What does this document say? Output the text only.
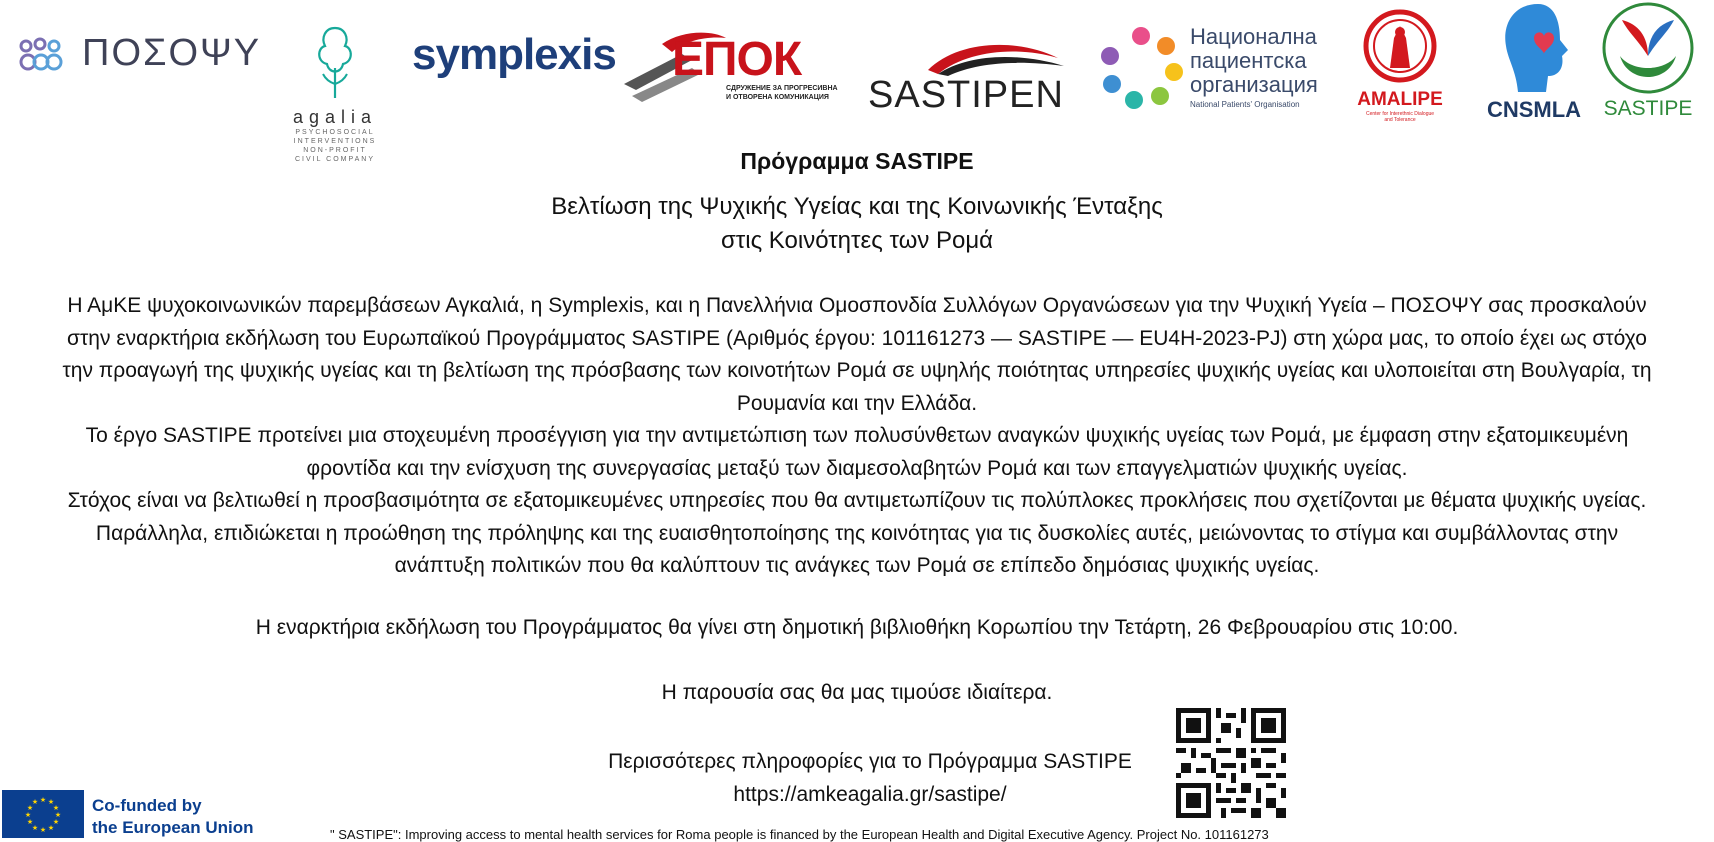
ΠΟΣΟΨΥ
agalia
PSYCHOSOCIAL
INTERVENTIONS
NON-PROFIT
CIVIL COMPANY
symplexis ЕПОК
СДРУЖЕНИЕ ЗА ПРОГРЕСИВНА
И ОТВОРЕНА КОМУНИКАЦИЯ SASTIPEN
Национална
пациентска
организация
National Patients' Organisation	AMALIPE
Center for Interethnic Dialogue
and Tolerance	CNSMLA	SASTIPE
Πρόγραμμα SASTIPE
Βελτίωση της Ψυχικής Υγείας και της Κοινωνικής Ένταξης
στις Κοινότητες των Ρομά
Η ΑμΚΕ ψυχοκοινωνικών παρεμβάσεων Αγκαλιά, η Symplexis, και η Πανελλήνια Ομοσπονδία Συλλόγων Οργανώσεων για την Ψυχική Υγεία – ΠΟΣΟΨΥ σας προσκαλούν στην εναρκτήρια εκδήλωση του Ευρωπαϊκού Προγράμματος SASTIPE (Αριθμός έργου: 101161273 — SASTIPE — EU4H-2023-PJ) στη χώρα μας, το οποίο έχει ως στόχο την προαγωγή της ψυχικής υγείας και τη βελτίωση της πρόσβασης των κοινοτήτων Ρομά σε υψηλής ποιότητας υπηρεσίες ψυχικής υγείας και υλοποιείται στη Βουλγαρία, τη Ρουμανία και την Ελλάδα.
Το έργο SASTIPE προτείνει μια στοχευμένη προσέγγιση για την αντιμετώπιση των πολυσύνθετων αναγκών ψυχικής υγείας των Ρομά, με έμφαση στην εξατομικευμένη φροντίδα και την ενίσχυση της συνεργασίας μεταξύ των διαμεσολαβητών Ρομά και των επαγγελματιών ψυχικής υγείας.
Στόχος είναι να βελτιωθεί η προσβασιμότητα σε εξατομικευμένες υπηρεσίες που θα αντιμετωπίζουν τις πολύπλοκες προκλήσεις που σχετίζονται με θέματα ψυχικής υγείας. Παράλληλα, επιδιώκεται η προώθηση της πρόληψης και της ευαισθητοποίησης της κοινότητας για τις δυσκολίες αυτές, μειώνοντας το στίγμα και συμβάλλοντας στην ανάπτυξη πολιτικών που θα καλύπτουν τις ανάγκες των Ρομά σε επίπεδο δημόσιας ψυχικής υγείας.
Η εναρκτήρια εκδήλωση του Προγράμματος θα γίνει στη δημοτική βιβλιοθήκη Κορωπίου την Τετάρτη, 26 Φεβρουαρίου στις 10:00.
Η παρουσία σας θα μας τιμούσε ιδιαίτερα.
Περισσότερες πληροφορίες για το Πρόγραμμα SASTIPE
https://amkeagalia.gr/sastipe/
★ ★
★
★
★
★
★
★
★
★
★
★	Co-funded by
the European Union	" SASTIPE": Improving access to mental health services for Roma people is financed by the European Health and Digital Executive Agency. Project No. 101161273
